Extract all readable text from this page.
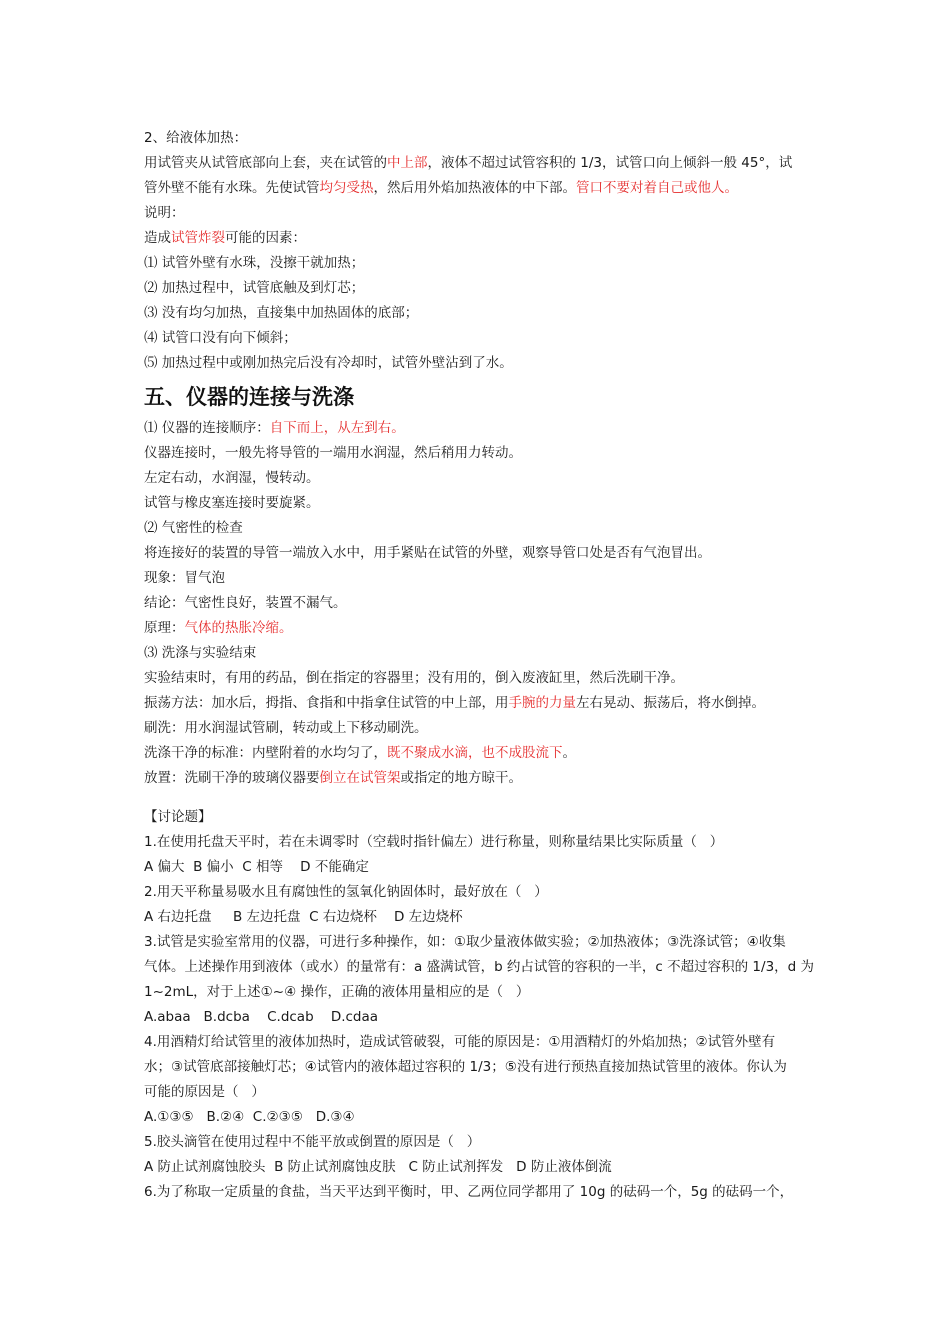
2、给液体加热：

用试管夹从试管底部向上套，夹在试管的中上部，液体不超过试管容积的 1/3，试管口向上倾斜一般 45°，试

管外壁不能有水珠。先使试管均匀受热，然后用外焰加热液体的中下部。管口不要对着自己或他人。

说明：

造成试管炸裂可能的因素：

⑴ 试管外壁有水珠，没擦干就加热；

⑵ 加热过程中，试管底触及到灯芯；

⑶ 没有均匀加热，直接集中加热固体的底部；

⑷ 试管口没有向下倾斜；

⑸ 加热过程中或刚加热完后没有冷却时，试管外壁沾到了水。

五、仪器的连接与洗涤

⑴ 仪器的连接顺序：自下而上，从左到右。

仪器连接时，一般先将导管的一端用水润湿，然后稍用力转动。

左定右动，水润湿，慢转动。

试管与橡皮塞连接时要旋紧。

⑵ 气密性的检查

将连接好的装置的导管一端放入水中，用手紧贴在试管的外壁，观察导管口处是否有气泡冒出。

现象：冒气泡

结论：气密性良好，装置不漏气。

原理：气体的热胀冷缩。

⑶ 洗涤与实验结束

实验结束时，有用的药品，倒在指定的容器里；没有用的，倒入废液缸里，然后洗刷干净。

振荡方法：加水后，拇指、食指和中指拿住试管的中上部，用手腕的力量左右晃动、振荡后，将水倒掉。

刷洗：用水润湿试管刷，转动或上下移动刷洗。

洗涤干净的标准：内壁附着的水均匀了，既不聚成水滴，也不成股流下。

放置：洗刷干净的玻璃仪器要倒立在试管架或指定的地方晾干。

【讨论题】

1.在使用托盘天平时，若在未调零时（空载时指针偏左）进行称量，则称量结果比实际质量（   ）

A 偏大  B 偏小  C 相等    D 不能确定

2.用天平称量易吸水且有腐蚀性的氢氧化钠固体时，最好放在（   ）

A 右边托盘     B 左边托盘  C 右边烧杯    D 左边烧杯

3.试管是实验室常用的仪器，可进行多种操作，如：①取少量液体做实验；②加热液体；③洗涤试管；④收集

气体。上述操作用到液体（或水）的量常有：a 盛满试管，b 约占试管的容积的一半，c 不超过容积的 1/3，d 为

1~2mL，对于上述①~④ 操作，正确的液体用量相应的是（   ）

A.abaa   B.dcba    C.dcab    D.cdaa

4.用酒精灯给试管里的液体加热时，造成试管破裂，可能的原因是：①用酒精灯的外焰加热；②试管外壁有

水；③试管底部接触灯芯；④试管内的液体超过容积的 1/3；⑤没有进行预热直接加热试管里的液体。你认为

可能的原因是（   ）

A.①③⑤   B.②④  C.②③⑤   D.③④

5.胶头滴管在使用过程中不能平放或倒置的原因是（   ）

A 防止试剂腐蚀胶头  B 防止试剂腐蚀皮肤   C 防止试剂挥发   D 防止液体倒流

6.为了称取一定质量的食盐，当天平达到平衡时，甲、乙两位同学都用了 10g 的砝码一个，5g 的砝码一个，
